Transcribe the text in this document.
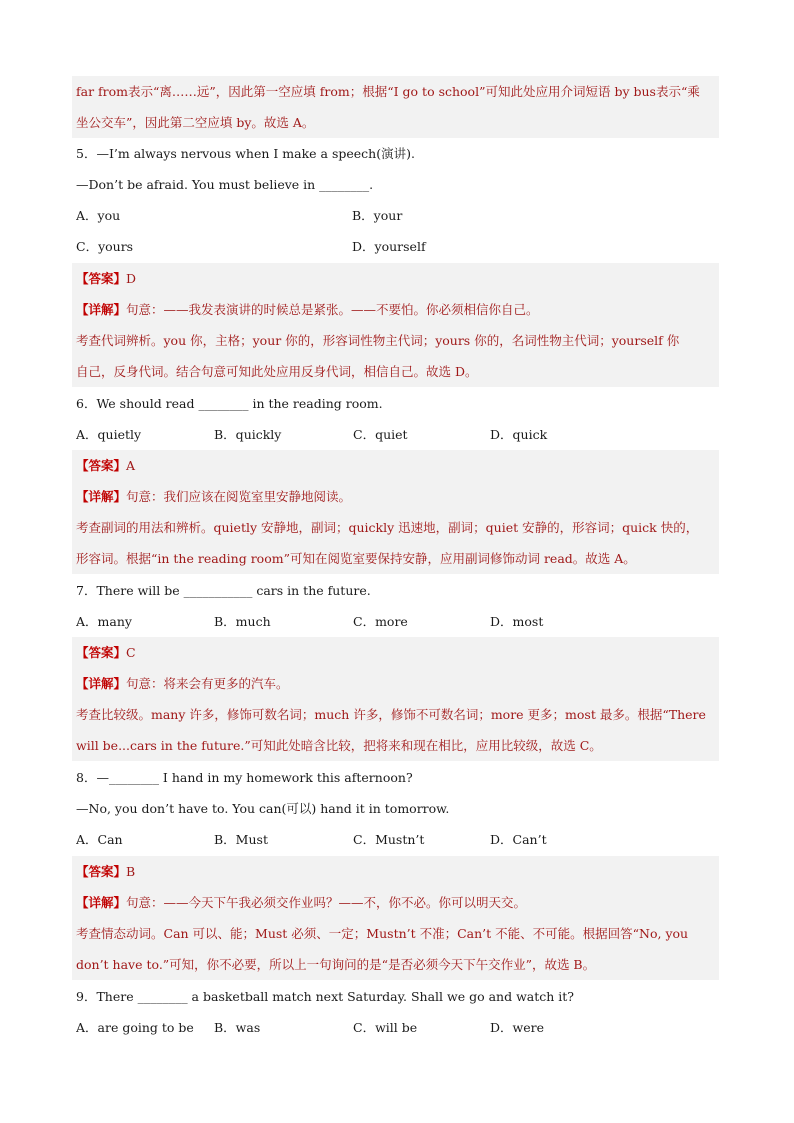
far from表示“离……远”，因此第一空应填 from；根据“I go to school”可知此处应用介词短语 by bus表示“乘
坐公交车”，因此第二空应填 by。故选 A。
5．—I’m always nervous when I make a speech(演讲).
—Don’t be afraid. You must believe in ________.
A．you	B．your
C．yours	D．yourself
【答案】D
【详解】句意：——我发表演讲的时候总是紧张。——不要怕。你必须相信你自己。
考查代词辨析。you 你，主格；your 你的，形容词性物主代词；yours 你的，名词性物主代词；yourself 你
自己，反身代词。结合句意可知此处应用反身代词，相信自己。故选 D。
6．We should read ________ in the reading room.
A．quietly	B．quickly	C．quiet	D．quick
【答案】A
【详解】句意：我们应该在阅览室里安静地阅读。
考查副词的用法和辨析。quietly 安静地，副词；quickly 迅速地，副词；quiet 安静的，形容词；quick 快的，
形容词。根据“in the reading room”可知在阅览室要保持安静，应用副词修饰动词 read。故选 A。
7．There will be ___________ cars in the future.
A．many	B．much	C．more	D．most
【答案】C
【详解】句意：将来会有更多的汽车。
考查比较级。many 许多，修饰可数名词；much 许多，修饰不可数名词；more 更多；most 最多。根据“There
will be...cars in the future.”可知此处暗含比较，把将来和现在相比，应用比较级，故选 C。
8．—________ I hand in my homework this afternoon?
—No, you don’t have to. You can(可以) hand it in tomorrow.
A．Can	B．Must	C．Mustn’t	D．Can’t
【答案】B
【详解】句意：——今天下午我必须交作业吗？——不，你不必。你可以明天交。
考查情态动词。Can 可以、能；Must 必须、一定；Mustn’t 不准；Can’t 不能、不可能。根据回答“No, you
don’t have to.”可知，你不必要，所以上一句询问的是“是否必须今天下午交作业”，故选 B。
9．There ________ a basketball match next Saturday. Shall we go and watch it?
A．are going to be B．was	C．will be	D．were
